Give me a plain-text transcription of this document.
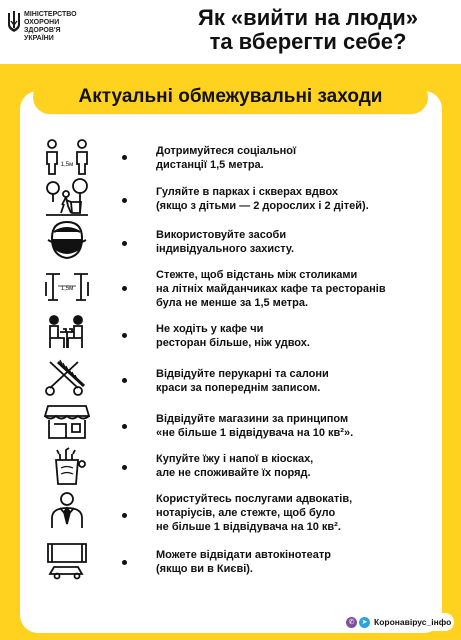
МІНІСТЕРСТВО
ОХОРОНИ
ЗДОРОВ'Я
УКРАЇНИ
Як «вийти на люди»
та вберегти себе?
Актуальні обмежувальні заходи
1,5м
Дотримуйтеся соціальної
дистанції 1,5 метра.
Гуляйте в парках і скверах вдвох
(якщо з дітьми — 2 дорослих і 2 дітей).
Використовуйте засоби
індивідуального захисту.
1,5м
Стежте, щоб відстань між столиками
на літніх майданчиках кафе та ресторанів
була не менше за 1,5 метра.
Не ходіть у кафе чи
ресторан більше, ніж удвох.
Відвідуйте перукарні та салони
краси за попереднім записом.
Відвідуйте магазини за принципом
«не більше 1 відвідувача на 10 кв²».
Купуйте їжу і напої в кіосках,
але не споживайте їх поряд.
Користуйтесь послугами адвокатів,
нотаріусів, але стежте, щоб було
не більше 1 відвідувача на 10 кв².
Можете відвідати автокінотеатр
(якщо ви в Києві).
✆	➤ Коронавірус_інфо
